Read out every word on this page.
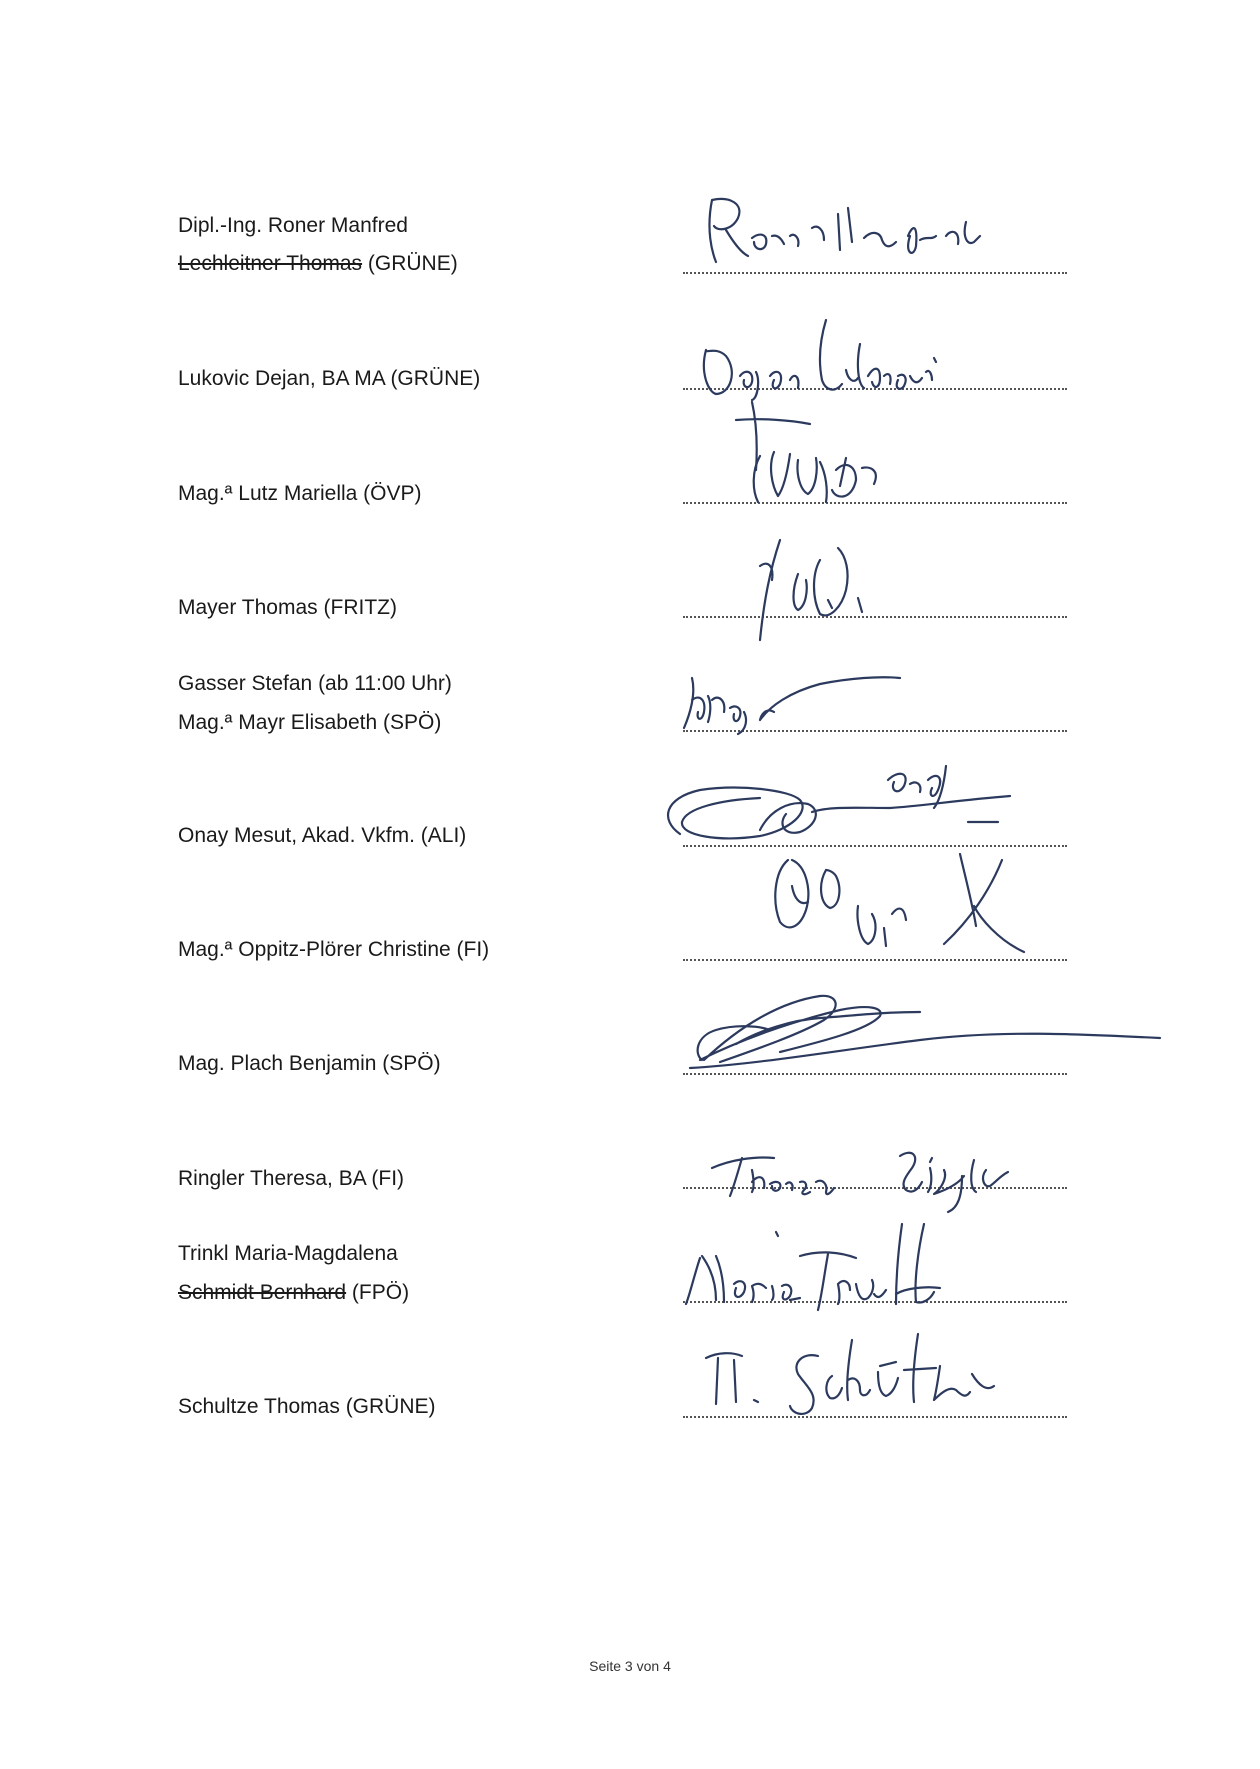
Dipl.-Ing. Roner Manfred
Lechleitner Thomas (GRÜNE)
Lukovic Dejan, BA MA (GRÜNE)
Mag.ª Lutz Mariella (ÖVP)
Mayer Thomas (FRITZ)
Gasser Stefan (ab 11:00 Uhr)
Mag.ª Mayr Elisabeth (SPÖ)
Onay Mesut, Akad. Vkfm. (ALI)
Mag.ª Oppitz-Plörer Christine (FI)
Mag. Plach Benjamin (SPÖ)
Ringler Theresa, BA (FI)
Trinkl Maria-Magdalena
Schmidt Bernhard (FPÖ)
Schultze Thomas (GRÜNE)
Seite 3 von 4
